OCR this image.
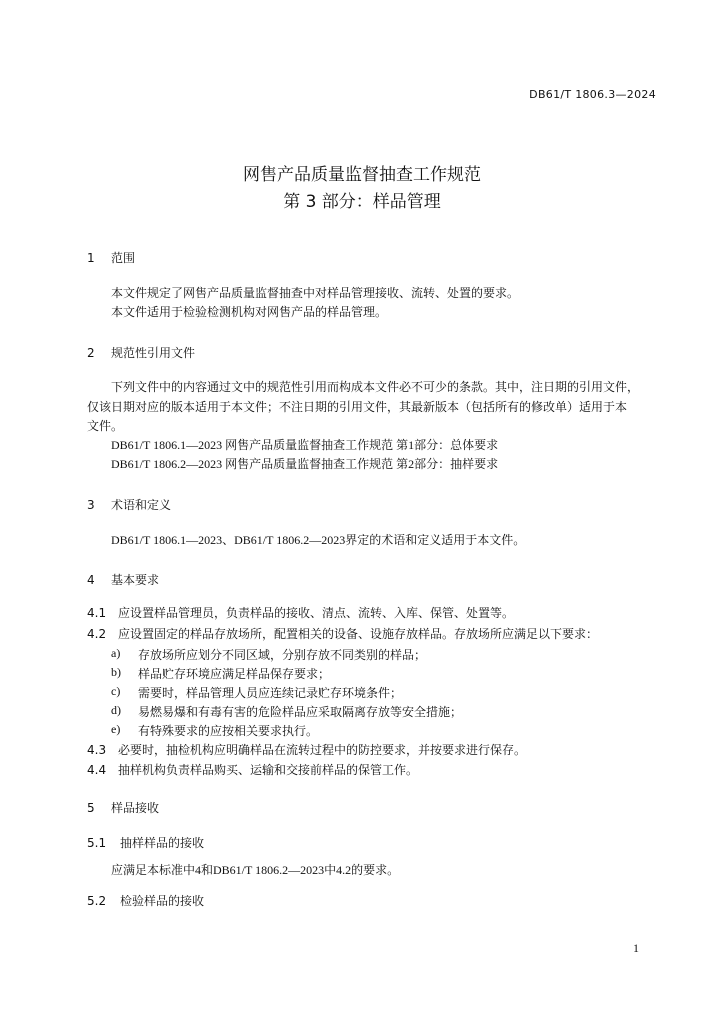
DB61/T 1806.3—2024
网售产品质量监督抽查工作规范
第 3 部分：样品管理
1 范围
本文件规定了网售产品质量监督抽查中对样品管理接收、流转、处置的要求。
本文件适用于检验检测机构对网售产品的样品管理。
2 规范性引用文件
下列文件中的内容通过文中的规范性引用而构成本文件必不可少的条款。其中，注日期的引用文件，
仅该日期对应的版本适用于本文件；不注日期的引用文件，其最新版本（包括所有的修改单）适用于本
文件。
DB61/T 1806.1—2023 网售产品质量监督抽查工作规范 第1部分：总体要求
DB61/T 1806.2—2023 网售产品质量监督抽查工作规范 第2部分：抽样要求
3 术语和定义
DB61/T 1806.1—2023、DB61/T 1806.2—2023界定的术语和定义适用于本文件。
4 基本要求
4.1 应设置样品管理员，负责样品的接收、清点、流转、入库、保管、处置等。
4.2 应设置固定的样品存放场所，配置相关的设备、设施存放样品。存放场所应满足以下要求：
a) 存放场所应划分不同区域，分别存放不同类别的样品；
b) 样品贮存环境应满足样品保存要求；
c) 需要时，样品管理人员应连续记录贮存环境条件；
d) 易燃易爆和有毒有害的危险样品应采取隔离存放等安全措施；
e) 有特殊要求的应按相关要求执行。
4.3 必要时，抽检机构应明确样品在流转过程中的防控要求，并按要求进行保存。
4.4 抽样机构负责样品购买、运输和交接前样品的保管工作。
5 样品接收
5.1 抽样样品的接收
应满足本标准中4和DB61/T 1806.2—2023中4.2的要求。
5.2 检验样品的接收
1
